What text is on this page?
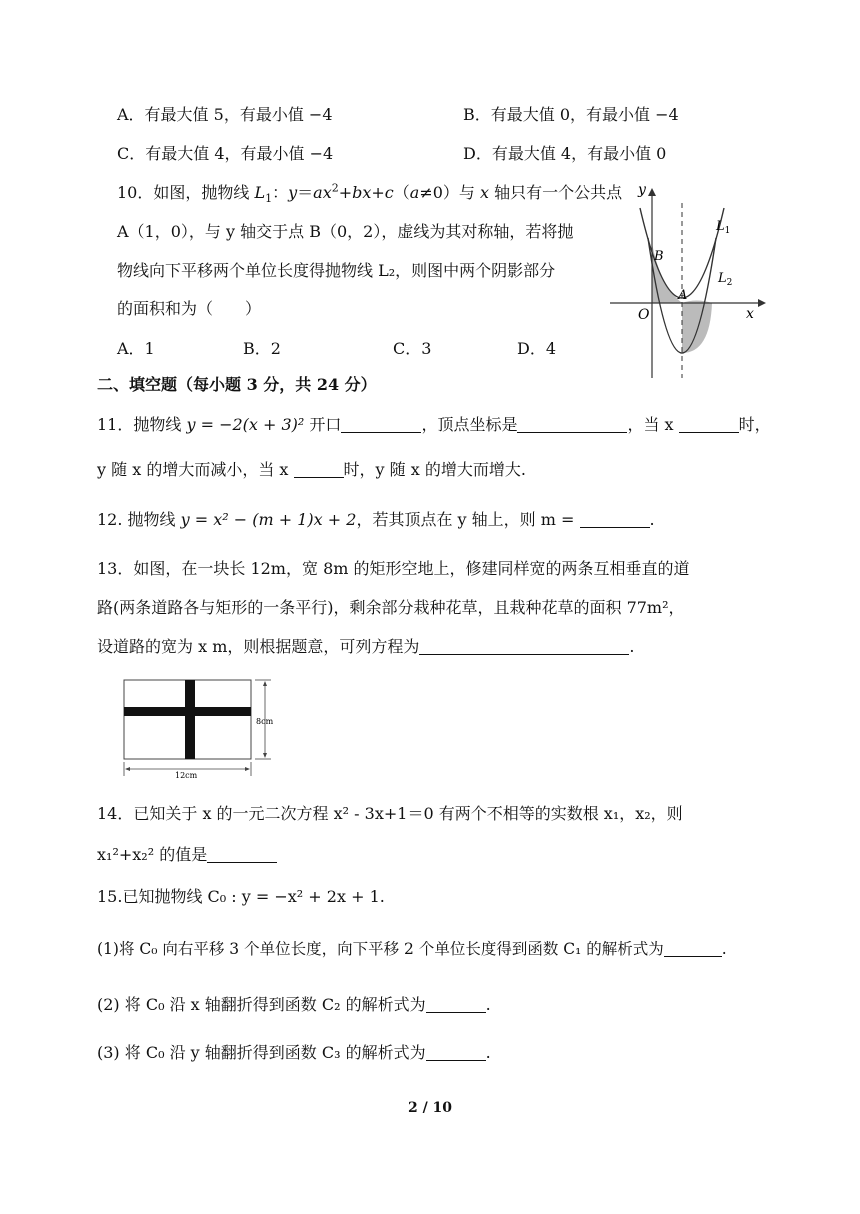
A．有最大值 5，有最小值 −4	B．有最大值 0，有最小值 −4
C．有最大值 4，有最小值 −4	D．有最大值 4，有最小值 0
10．如图，抛物线 $L_1$：$y=ax^2+bx+c(a\ne 0)$与 x 轴只有一个公共点
A（1，0），与 y 轴交于点 B（0，2），虚线为其对称轴，若将抛
物线向下平移两个单位长度得抛物线 L₂，则图中两个阴影部分
的面积和为（　　）
A．1	B．2	C．3	D．4
y
x
O
A
B
$L_1$
$L_2$
二、填空题（每小题 3 分，共 24 分）
11．抛物线 y = −2(x + 3)² 开口	，顶点坐标是	，当 x	时，
y 随 x 的增大而减小，当 x	时，y 随 x 的增大而增大.
12. 抛物线 y = x² − (m + 1)x + 2，若其顶点在 y 轴上，则 m =	.
13．如图，在一块长 12m，宽 8m 的矩形空地上，修建同样宽的两条互相垂直的道
路(两条道路各与矩形的一条平行)，剩余部分栽种花草，且栽种花草的面积 77m²，
设道路的宽为 x m，则根据题意，可列方程为	.
8cm
12cm
14．已知关于 x 的一元二次方程 x² - 3x+1＝0 有两个不相等的实数根 x₁，x₂，则
x₁²+x₂² 的值是
15.已知抛物线 C₀ : y = −x² + 2x + 1.
(1)将 C₀ 向右平移 3 个单位长度，向下平移 2 个单位长度得到函数 C₁ 的解析式为	.
(2) 将 C₀ 沿 x 轴翻折得到函数 C₂ 的解析式为	.
(3) 将 C₀ 沿 y 轴翻折得到函数 C₃ 的解析式为	.
2 / 10
